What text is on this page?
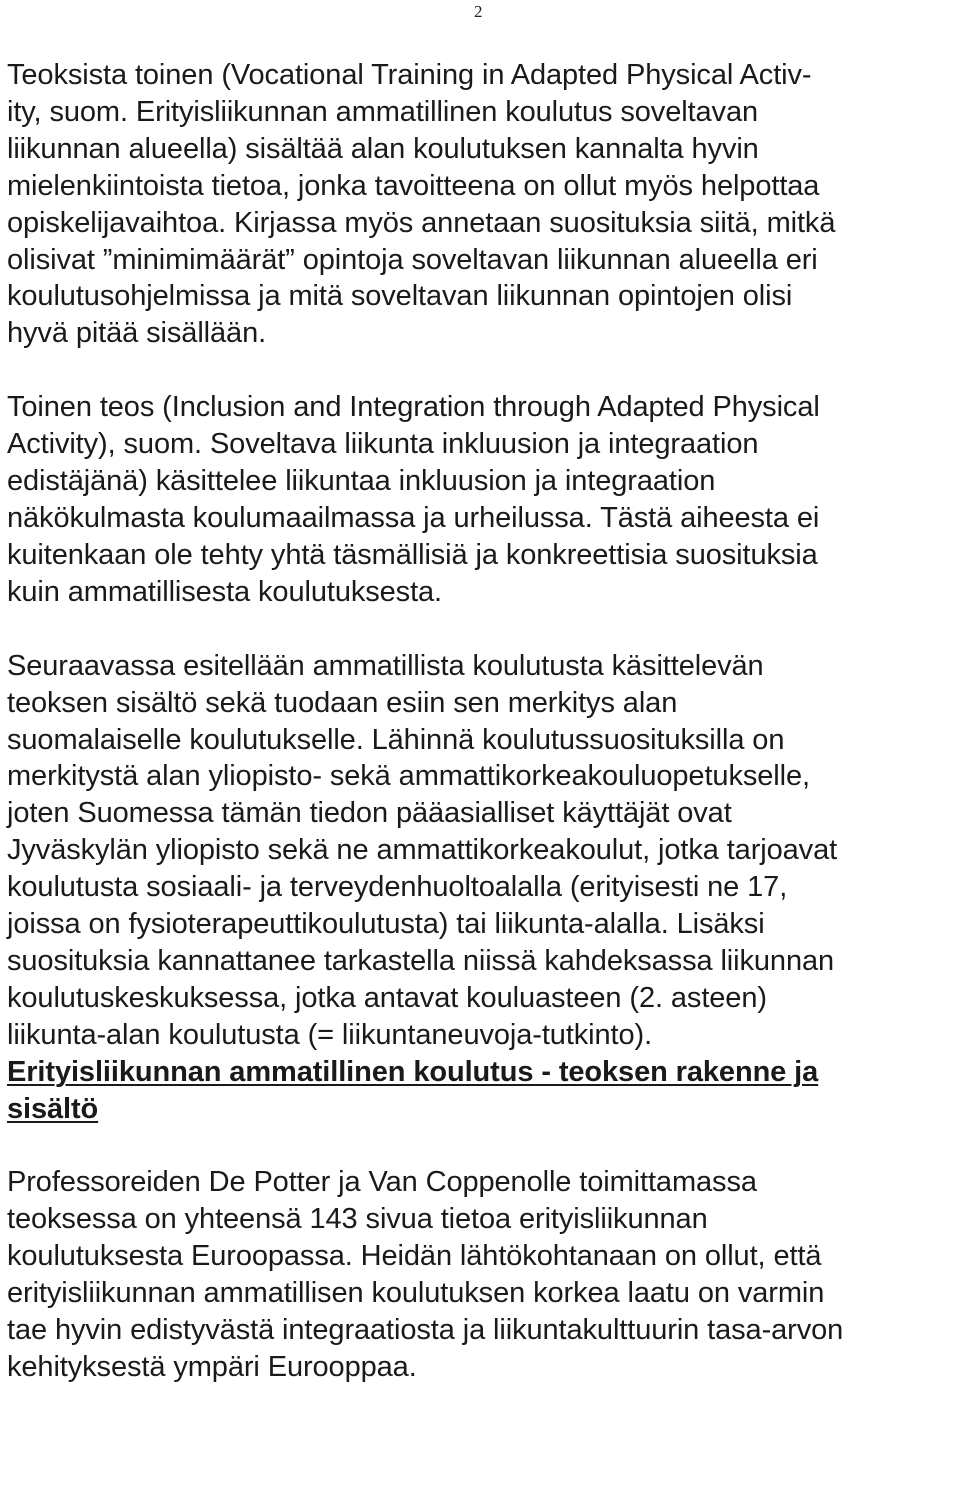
2

Teoksista toinen (Vocational Training in Adapted Physical Activ-
ity, suom. Erityisliikunnan ammatillinen koulutus soveltavan
liikunnan alueella) sisältää alan koulutuksen kannalta hyvin
mielenkiintoista tietoa, jonka tavoitteena on ollut myös helpottaa
opiskelijavaihtoa. Kirjassa myös annetaan suosituksia siitä, mitkä
olisivat ”minimimäärät” opintoja soveltavan liikunnan alueella eri
koulutusohjelmissa ja mitä soveltavan liikunnan opintojen olisi
hyvä pitää sisällään.

Toinen teos (Inclusion and Integration through Adapted Physical
Activity), suom. Soveltava liikunta inkluusion ja integraation
edistäjänä) käsittelee liikuntaa inkluusion ja integraation
näkökulmasta koulumaailmassa ja urheilussa. Tästä aiheesta ei
kuitenkaan ole tehty yhtä täsmällisiä ja konkreettisia suosituksia
kuin ammatillisesta koulutuksesta.

Seuraavassa esitellään ammatillista koulutusta käsittelevän
teoksen sisältö sekä tuodaan esiin sen merkitys alan
suomalaiselle koulutukselle. Lähinnä koulutussuosituksilla on
merkitystä alan yliopisto- sekä ammattikorkeakouluopetukselle,
joten Suomessa tämän tiedon pääasialliset käyttäjät ovat
Jyväskylän yliopisto sekä ne ammattikorkeakoulut, jotka tarjoavat
koulutusta sosiaali- ja terveydenhuoltoalalla (erityisesti ne 17,
joissa on fysioterapeuttikoulutusta) tai liikunta-alalla. Lisäksi
suosituksia kannattanee tarkastella niissä kahdeksassa liikunnan
koulutuskeskuksessa, jotka antavat kouluasteen (2. asteen)
liikunta-alan koulutusta (= liikuntaneuvoja-tutkinto).

Erityisliikunnan ammatillinen koulutus - teoksen rakenne ja
sisältö

Professoreiden De Potter ja Van Coppenolle toimittamassa
teoksessa on yhteensä 143 sivua tietoa erityisliikunnan
koulutuksesta Euroopassa. Heidän lähtökohtanaan on ollut, että
erityisliikunnan ammatillisen koulutuksen korkea laatu on varmin
tae hyvin edistyvästä integraatiosta ja liikuntakulttuurin tasa-arvon
kehityksestä ympäri Eurooppaa.
